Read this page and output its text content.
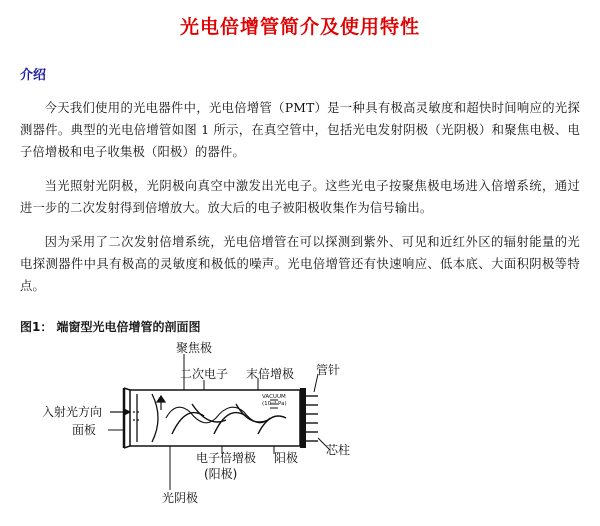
光电倍增管简介及使用特性
介绍

今天我们使用的光电器件中，光电倍增管（PMT）是一种具有极高灵敏度和超快时间响应的光探测器件。典型的光电倍增管如图 1 所示，在真空管中，包括光电发射阴极（光阴极）和聚焦电极、电子倍增极和电子收集极（阳极）的器件。

当光照射光阴极，光阴极向真空中激发出光电子。这些光电子按聚焦极电场进入倍增系统，通过进一步的二次发射得到倍增放大。放大后的电子被阳极收集作为信号输出。

因为采用了二次发射倍增系统，光电倍增管在可以探测到紫外、可见和近红外区的辐射能量的光电探测器件中具有极高的灵敏度和极低的噪声。光电倍增管还有快速响应、低本底、大面积阴极等特点。

图1： 端窗型光电倍增管的剖面图
聚焦极
二次电子 末倍增极 管针
入射光方向
面板
电子倍增极
(阳极)
阳极
芯柱
光阴极
VACUUM
(10⁻⁴ Pa)
